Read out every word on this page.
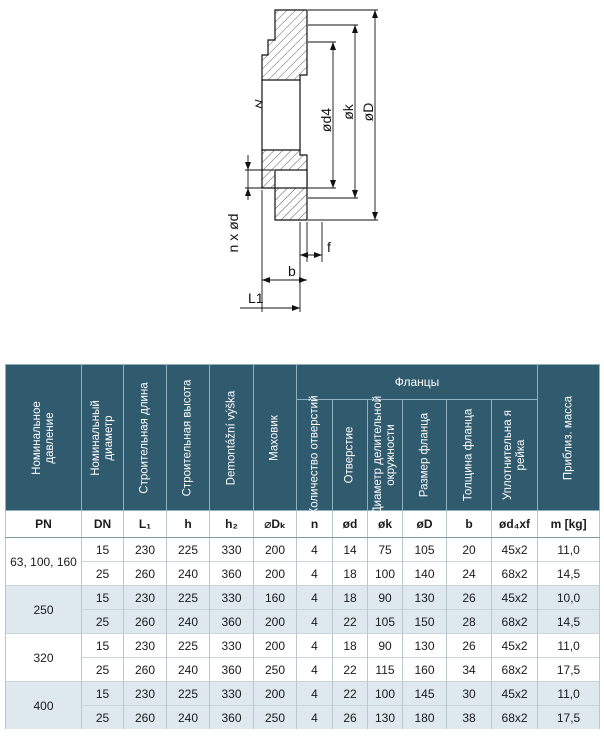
ød4 øk øD
n x ød	f
b
L1
Номинальное давление	Номинальный диаметр	Строительная длина	Строительная высота	Demontážní výška	Маховик	Фланцы						Приблиз. масса

						Количество отверстий	Отверстие	Диаметр делительной окружности	Размер фланца	Толщина фланца	Уплотнительна я рейка	

PN	DN	L₁	h	h₂	⌀Dₖ	n	ød	øk	øD	b	ød₄xf	m [kg]
63, 100, 160	15	230	225	330	200	4	14	75	105	20	45x2	11,0
	25	260	240	360	200	4	18	100	140	24	68x2	14,5
250	15	230	225	330	160	4	18	90	130	26	45x2	10,0
	25	260	240	360	200	4	22	105	150	28	68x2	14,5
320	15	230	225	330	200	4	18	90	130	26	45x2	11,0
	25	260	240	360	250	4	22	115	160	34	68x2	17,5
400	15	230	225	330	200	4	22	100	145	30	45x2	11,0
	25	260	240	360	250	4	26	130	180	38	68x2	17,5
